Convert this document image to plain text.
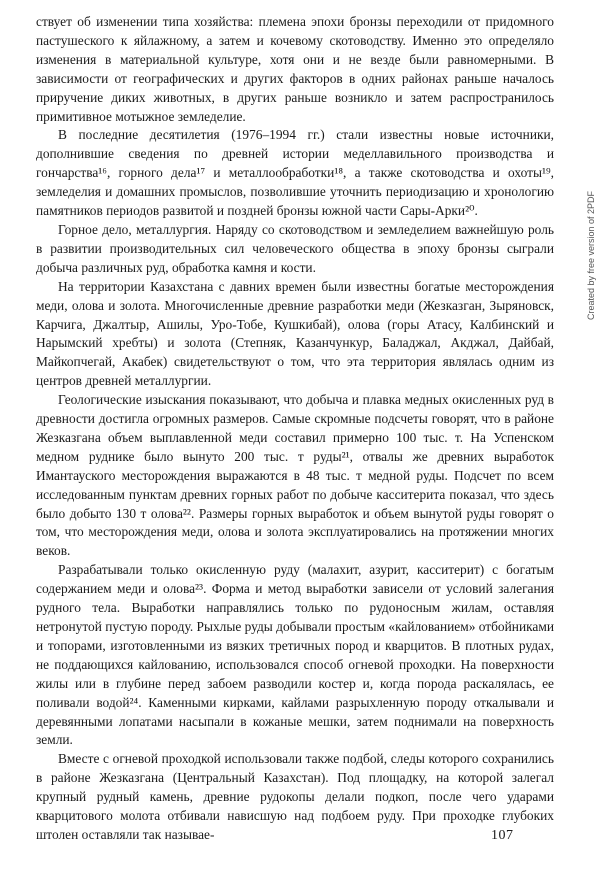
ствует об изменении типа хозяйства: племена эпохи бронзы переходили от придомного пастушеского к яйлажному, а затем и кочевому скотоводству. Именно это определяло изменения в материальной культуре, хотя они и не везде были равномерными. В зависимости от географических и других факторов в одних районах раньше началось приручение диких животных, в других раньше возникло и затем распространилось примитивное мотыжное земледелие.

В последние десятилетия (1976–1994 гг.) стали известны новые источники, дополнившие сведения по древней истории меделлавильного производства и гончарства¹⁶, горного дела¹⁷ и металлообработки¹⁸, а также скотоводства и охоты¹⁹, земледелия и домашних промыслов, позволившие уточнить периодизацию и хронологию памятников периодов развитой и поздней бронзы южной части Сары-Арки²⁰.

Горное дело, металлургия. Наряду со скотоводством и земледелием важнейшую роль в развитии производительных сил человеческого общества в эпоху бронзы сыграли добыча различных руд, обработка камня и кости.

На территории Казахстана с давних времен были известны богатые месторождения меди, олова и золота. Многочисленные древние разработки меди (Жезказган, Зыряновск, Карчига, Джалтыр, Ашилы, Уро-Тобе, Кушкибай), олова (горы Атасу, Калбинский и Нарымский хребты) и золота (Степняк, Казанчункур, Баладжал, Акджал, Дайбай, Майкопчегай, Акабек) свидетельствуют о том, что эта территория являлась одним из центров древней металлургии.

Геологические изыскания показывают, что добыча и плавка медных окисленных руд в древности достигла огромных размеров. Самые скромные подсчеты говорят, что в районе Жезказгана объем выплавленной меди составил примерно 100 тыс. т. На Успенском медном руднике было вынуто 200 тыс. т руды²¹, отвалы же древних выработок Имантауского месторождения выражаются в 48 тыс. т медной руды. Подсчет по всем исследованным пунктам древних горных работ по добыче касситерита показал, что здесь было добыто 130 т олова²². Размеры горных выработок и объем вынутой руды говорят о том, что месторождения меди, олова и золота эксплуатировались на протяжении многих веков.

Разрабатывали только окисленную руду (малахит, азурит, касситерит) с богатым содержанием меди и олова²³. Форма и метод выработки зависели от условий залегания рудного тела. Выработки направлялись только по рудоносным жилам, оставляя нетронутой пустую породу. Рыхлые руды добывали простым «кайлованием» отбойниками и топорами, изготовленными из вязких третичных пород и кварцитов. В плотных рудах, не поддающихся кайлованию, использовался способ огневой проходки. На поверхности жилы или в глубине перед забоем разводили костер и, когда порода раскалялась, ее поливали водой²⁴. Каменными кирками, кайлами разрыхленную породу откалывали и деревянными лопатами насыпали в кожаные мешки, затем поднимали на поверхность земли.

Вместе с огневой проходкой использовали также подбой, следы которого сохранились в районе Жезказгана (Центральный Казахстан). Под площадку, на которой залегал крупный рудный камень, древние рудокопы делали подкоп, после чего ударами кварцитового молота отбивали нависшую над подбоем руду. При проходке глубоких штолен оставляли так называе-	107
Created by free version of 2PDF
